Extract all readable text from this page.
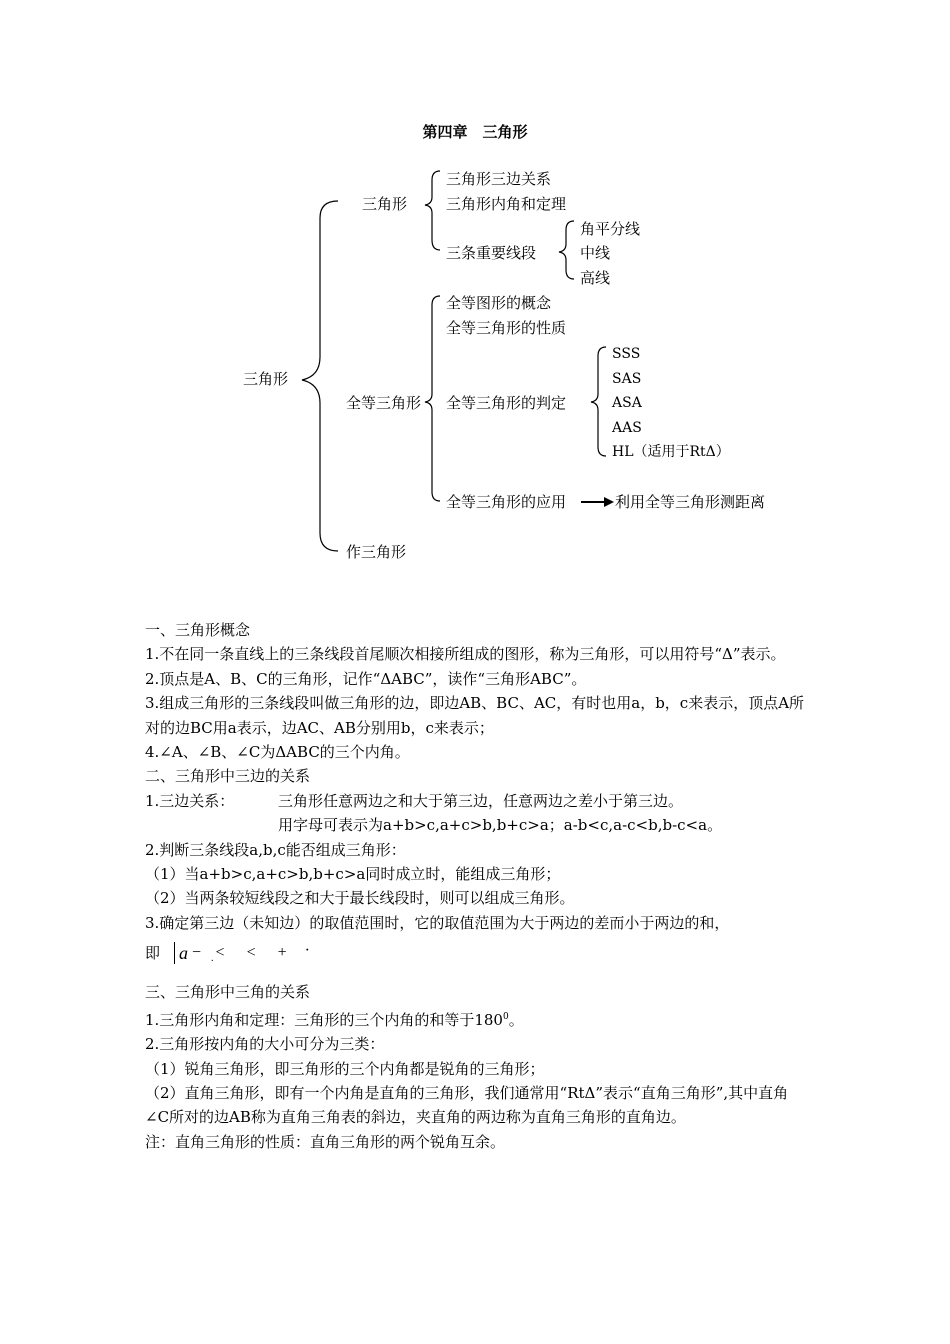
第四章　三角形
三角形
三角形
三角形三边关系
三角形内角和定理
三条重要线段
角平分线
中线
高线
全等三角形
全等图形的概念
全等三角形的性质
全等三角形的判定
全等三角形的应用
SSS
SAS
ASA
AAS
HL（适用于RtΔ）
利用全等三角形测距离
作三角形

一、三角形概念

1.不在同一条直线上的三条线段首尾顺次相接所组成的图形，称为三角形，可以用符号“Δ”表示。

2.顶点是A、B、C的三角形，记作“ΔABC”，读作“三角形ABC”。

3.组成三角形的三条线段叫做三角形的边，即边AB、BC、AC，有时也用a，b，c来表示，顶点A所对的边BC用a表示，边AC、AB分别用b，c来表示；

4.∠A、∠B、∠C为ΔABC的三个内角。

二、三角形中三边的关系

1.三边关系：	三角形任意两边之和大于第三边，任意两边之差小于第三边。

用字母可表示为a+b>c,a+c>b,b+c>a；a-b<c,a-c<b,b-c<a。

2.判断三条线段a,b,c能否组成三角形：

（1）当a+b>c,a+c>b,b+c>a同时成立时，能组成三角形；

（2）当两条较短线段之和大于最长线段时，则可以组成三角形。

3.确定第三边（未知边）的取值范围时，它的取值范围为大于两边的差而小于两边的和，

即 a − . < < + ·

三、三角形中三角的关系

1.三角形内角和定理：三角形的三个内角的和等于$180^0$。

2.三角形按内角的大小可分为三类：

（1）锐角三角形，即三角形的三个内角都是锐角的三角形；

（2）直角三角形，即有一个内角是直角的三角形，我们通常用“RtΔ”表示“直角三角形”,其中直角∠C所对的边AB称为直角三角表的斜边，夹直角的两边称为直角三角形的直角边。

注：直角三角形的性质：直角三角形的两个锐角互余。
